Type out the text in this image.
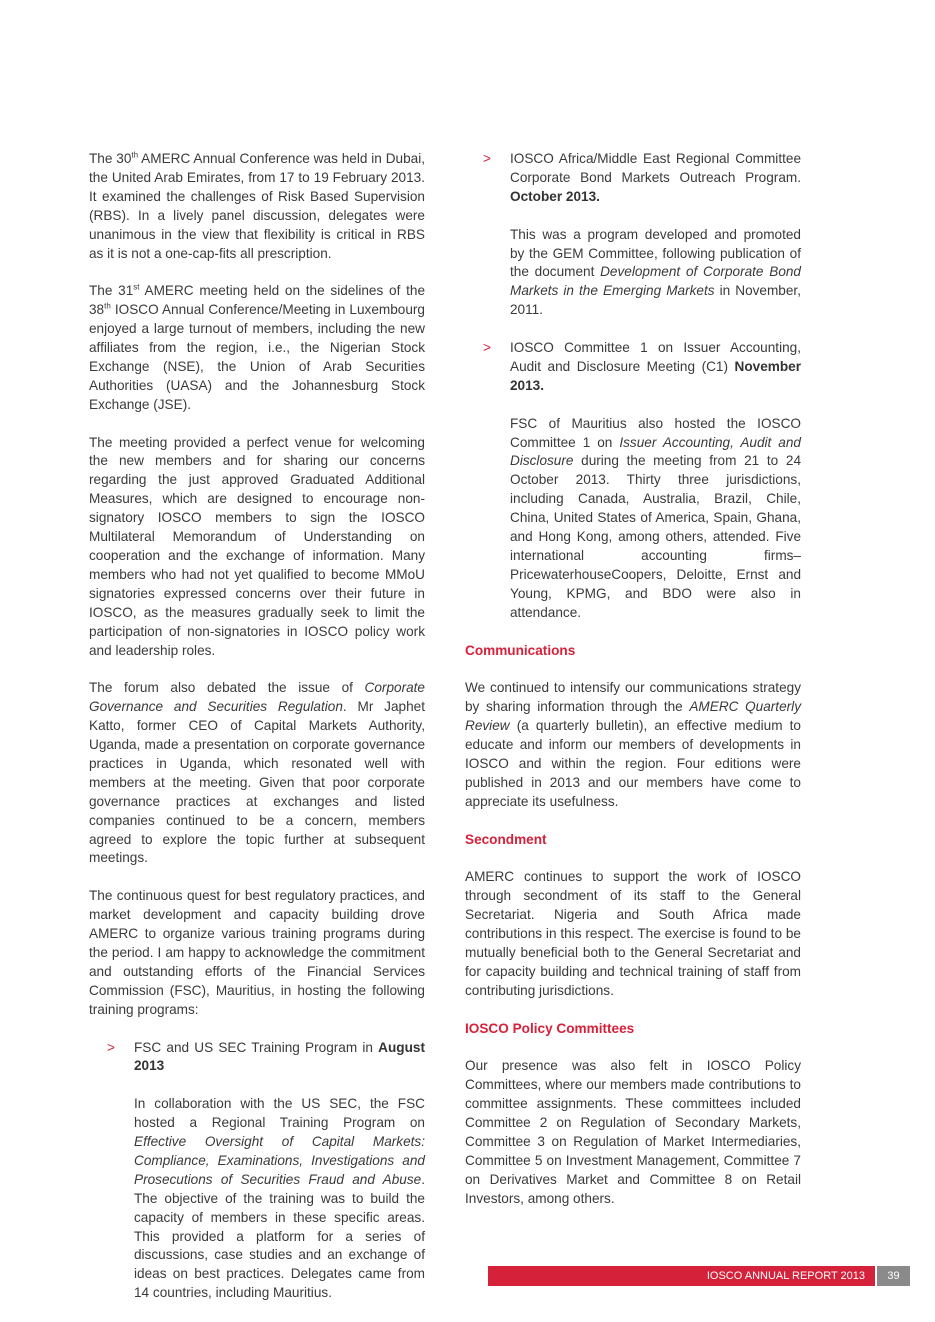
The 30th AMERC Annual Conference was held in Dubai, the United Arab Emirates, from 17 to 19 February 2013. It examined the challenges of Risk Based Supervision (RBS). In a lively panel discussion, delegates were unanimous in the view that flexibility is critical in RBS as it is not a one-cap-fits all prescription.

The 31st AMERC meeting held on the sidelines of the 38th IOSCO Annual Conference/Meeting in Luxembourg enjoyed a large turnout of members, including the new affiliates from the region, i.e., the Nigerian Stock Exchange (NSE), the Union of Arab Securities Authorities (UASA) and the Johannesburg Stock Exchange (JSE).

The meeting provided a perfect venue for welcoming the new members and for sharing our concerns regarding the just approved Graduated Additional Measures, which are designed to encourage non-signatory IOSCO members to sign the IOSCO Multilateral Memorandum of Understanding on cooperation and the exchange of information. Many members who had not yet qualified to become MMoU signatories expressed concerns over their future in IOSCO, as the measures gradually seek to limit the participation of non-signatories in IOSCO policy work and leadership roles.

The forum also debated the issue of Corporate Governance and Securities Regulation. Mr Japhet Katto, former CEO of Capital Markets Authority, Uganda, made a presentation on corporate governance practices in Uganda, which resonated well with members at the meeting. Given that poor corporate governance practices at exchanges and listed companies continued to be a concern, members agreed to explore the topic further at subsequent meetings.

The continuous quest for best regulatory practices, and market development and capacity building drove AMERC to organize various training programs during the period. I am happy to acknowledge the commitment and outstanding efforts of the Financial Services Commission (FSC), Mauritius, in hosting the following training programs:

> FSC and US SEC Training Program in August 2013

In collaboration with the US SEC, the FSC hosted a Regional Training Program on Effective Oversight of Capital Markets: Compliance, Examinations, Investigations and Prosecutions of Securities Fraud and Abuse. The objective of the training was to build the capacity of members in these specific areas. This provided a platform for a series of discussions, case studies and an exchange of ideas on best practices. Delegates came from 14 countries, including Mauritius.

> IOSCO Africa/Middle East Regional Committee Corporate Bond Markets Outreach Program. October 2013.

This was a program developed and promoted by the GEM Committee, following publication of the document Development of Corporate Bond Markets in the Emerging Markets in November, 2011.

> IOSCO Committee 1 on Issuer Accounting, Audit and Disclosure Meeting (C1) November 2013.

FSC of Mauritius also hosted the IOSCO Committee 1 on Issuer Accounting, Audit and Disclosure during the meeting from 21 to 24 October 2013. Thirty three jurisdictions, including Canada, Australia, Brazil, Chile, China, United States of America, Spain, Ghana, and Hong Kong, among others, attended. Five international accounting firms– PricewaterhouseCoopers, Deloitte, Ernst and Young, KPMG, and BDO were also in attendance.

Communications

We continued to intensify our communications strategy by sharing information through the AMERC Quarterly Review (a quarterly bulletin), an effective medium to educate and inform our members of developments in IOSCO and within the region. Four editions were published in 2013 and our members have come to appreciate its usefulness.

Secondment

AMERC continues to support the work of IOSCO through secondment of its staff to the General Secretariat. Nigeria and South Africa made contributions in this respect. The exercise is found to be mutually beneficial both to the General Secretariat and for capacity building and technical training of staff from contributing jurisdictions.

IOSCO Policy Committees

Our presence was also felt in IOSCO Policy Committees, where our members made contributions to committee assignments. These committees included Committee 2 on Regulation of Secondary Markets, Committee 3 on Regulation of Market Intermediaries, Committee 5 on Investment Management, Committee 7 on Derivatives Market and Committee 8 on Retail Investors, among others.

IOSCO ANNUAL REPORT 2013	39
